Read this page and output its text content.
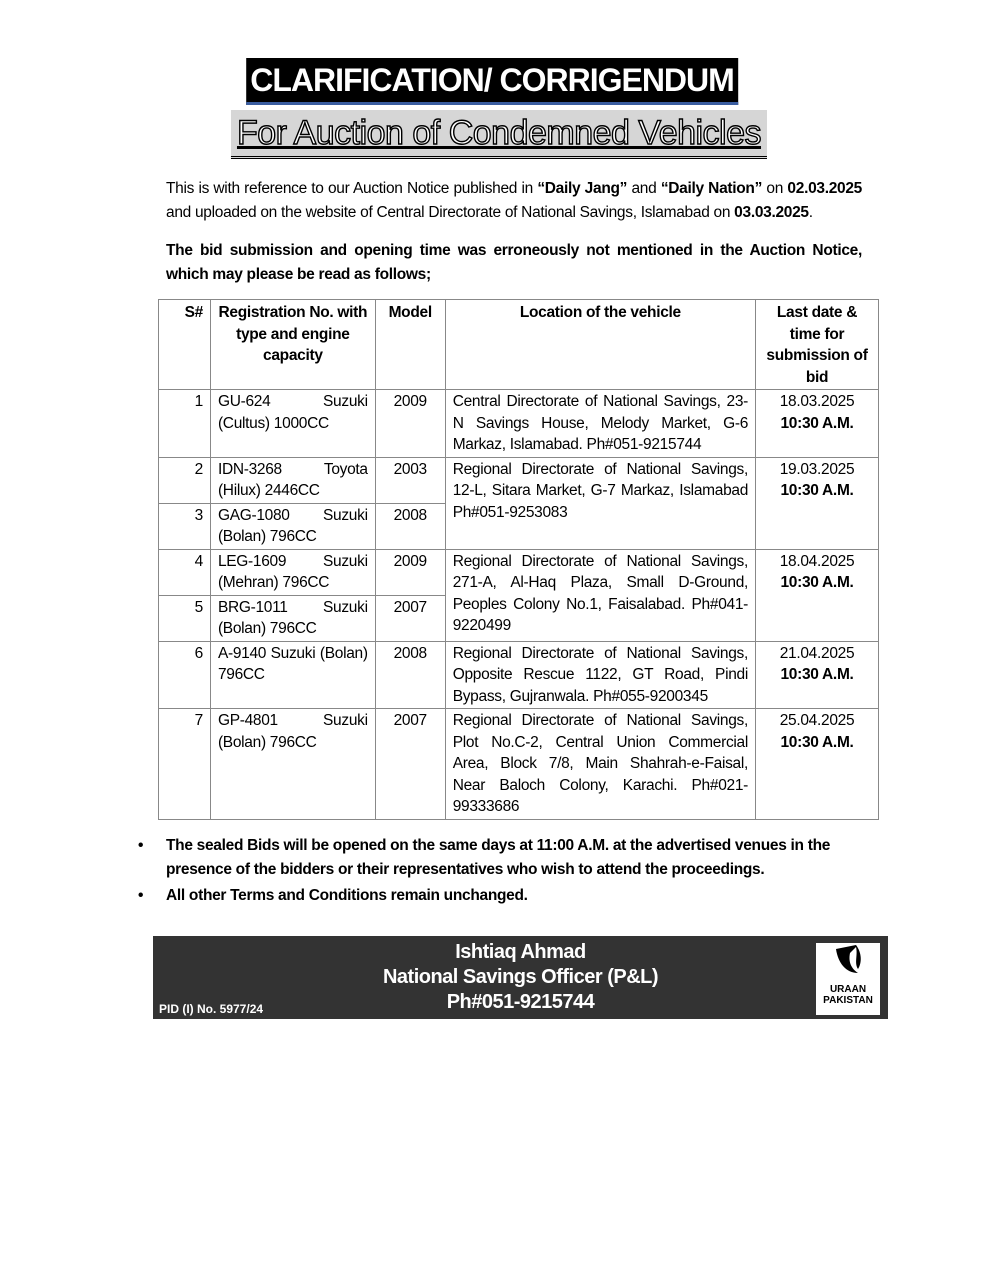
CLARIFICATION/ CORRIGENDUM
For Auction of Condemned Vehicles

This is with reference to our Auction Notice published in “Daily Jang” and “Daily Nation” on 02.03.2025 and uploaded on the website of Central Directorate of National Savings, Islamabad on 03.03.2025.

The bid submission and opening time was erroneously not mentioned in the Auction Notice, which may please be read as follows;

S#	Registration No. with type and engine capacity	Model	Location of the vehicle	Last date & time for submission of bid
1	GU-624 Suzuki (Cultus) 1000CC	2009	Central Directorate of National Savings, 23-N Savings House, Melody Market, G-6 Markaz, Islamabad. Ph#051-9215744	18.03.2025
10:30 A.M.
2	IDN-3268 Toyota (Hilux) 2446CC	2003	Regional Directorate of National Savings, 12-L, Sitara Market, G-7 Markaz, Islamabad Ph#051-9253083	19.03.2025
10:30 A.M.
3	GAG-1080 Suzuki (Bolan) 796CC	2008		
4	LEG-1609 Suzuki (Mehran) 796CC	2009	Regional Directorate of National Savings, 271-A, Al-Haq Plaza, Small D-Ground, Peoples Colony No.1, Faisalabad. Ph#041-9220499	18.04.2025
10:30 A.M.
5	BRG-1011 Suzuki (Bolan) 796CC	2007		
6	A-9140 Suzuki (Bolan) 796CC	2008	Regional Directorate of National Savings, Opposite Rescue 1122, GT Road, Pindi Bypass, Gujranwala. Ph#055-9200345	21.04.2025
10:30 A.M.
7	GP-4801 Suzuki (Bolan) 796CC	2007	Regional Directorate of National Savings, Plot No.C-2, Central Union Commercial Area, Block 7/8, Main Shahrah-e-Faisal, Near Baloch Colony, Karachi. Ph#021-99333686	25.04.2025
10:30 A.M.
• The sealed Bids will be opened on the same days at 11:00 A.M. at the advertised venues in the presence of the bidders or their representatives who wish to attend the proceedings.
• All other Terms and Conditions remain unchanged.
Ishtiaq Ahmad
National Savings Officer (P&L)
Ph#051-9215744
PID (I) No. 5977/24
URAAN
PAKISTAN
